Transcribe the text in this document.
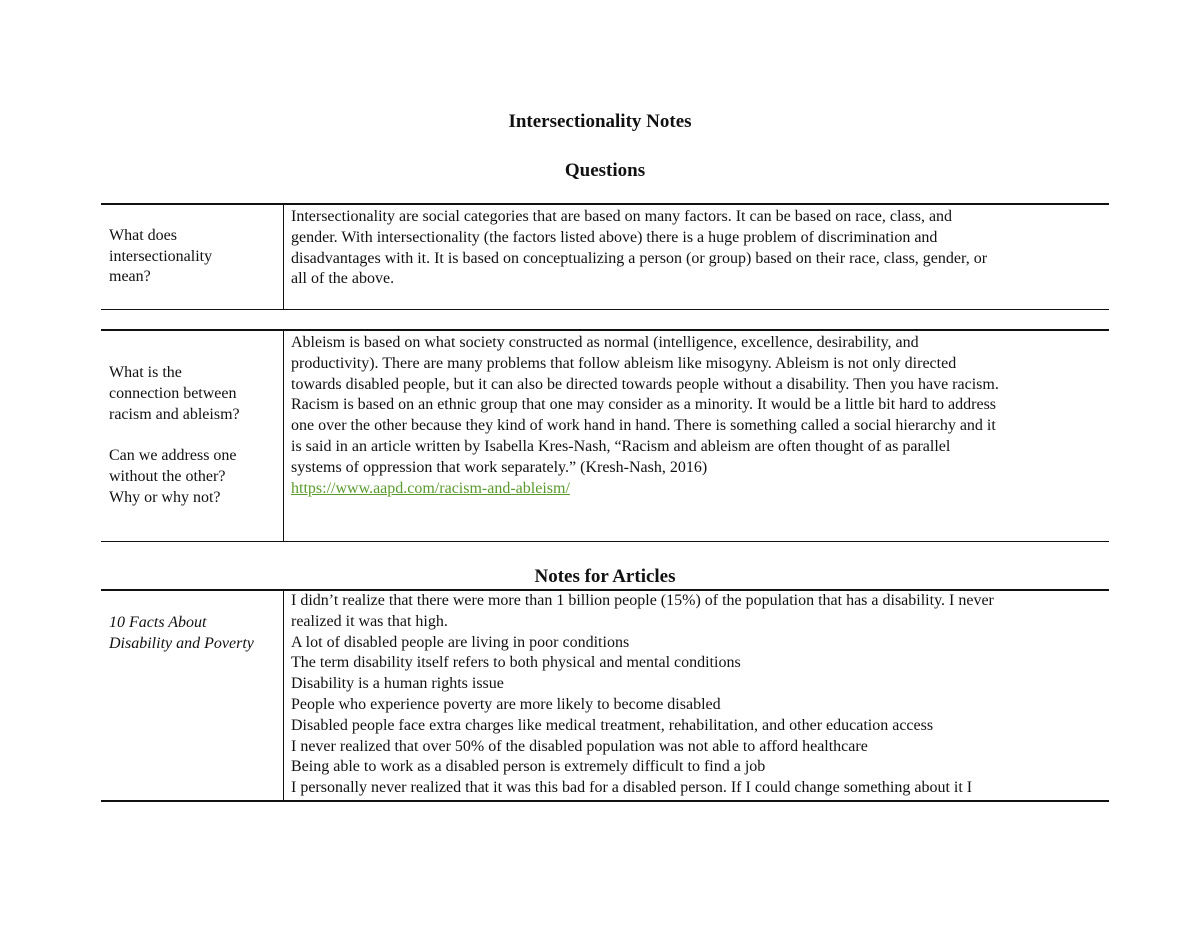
Intersectionality Notes
Questions
What does
intersectionality
mean?
Intersectionality are social categories that are based on many factors. It can be based on race, class, and
gender. With intersectionality (the factors listed above) there is a huge problem of discrimination and
disadvantages with it. It is based on conceptualizing a person (or group) based on their race, class, gender, or
all of the above.
What is the
connection between
racism and ableism?
Can we address one
without the other?
Why or why not?
Ableism is based on what society constructed as normal (intelligence, excellence, desirability, and
productivity). There are many problems that follow ableism like misogyny. Ableism is not only directed
towards disabled people, but it can also be directed towards people without a disability. Then you have racism.
Racism is based on an ethnic group that one may consider as a minority. It would be a little bit hard to address
one over the other because they kind of work hand in hand. There is something called a social hierarchy and it
is said in an article written by Isabella Kres-Nash, “Racism and ableism are often thought of as parallel
systems of oppression that work separately.” (Kresh-Nash, 2016)
https://www.aapd.com/racism-and-ableism/
Notes for Articles
10 Facts About
Disability and Poverty
I didn’t realize that there were more than 1 billion people (15%) of the population that has a disability. I never
realized it was that high.
A lot of disabled people are living in poor conditions
The term disability itself refers to both physical and mental conditions
Disability is a human rights issue
People who experience poverty are more likely to become disabled
Disabled people face extra charges like medical treatment, rehabilitation, and other education access
I never realized that over 50% of the disabled population was not able to afford healthcare
Being able to work as a disabled person is extremely difficult to find a job
I personally never realized that it was this bad for a disabled person. If I could change something about it I
